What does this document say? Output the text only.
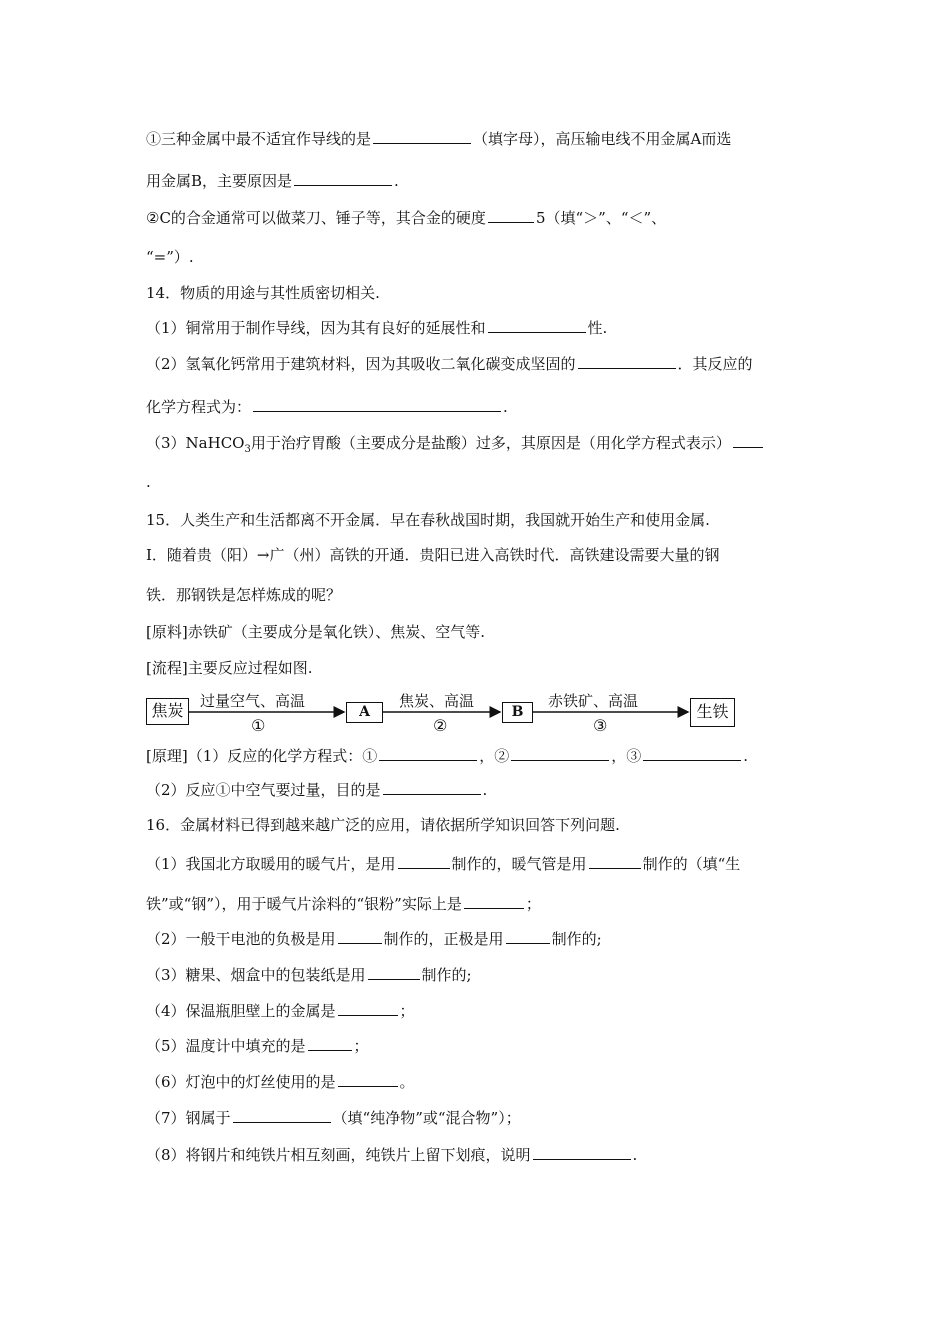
①三种金属中最不适宜作导线的是	（填字母），高压输电线不用金属A而选
用金属B，主要原因是	.
②C的合金通常可以做菜刀、锤子等，其合金的硬度	5（填“＞”、“＜”、
“=”）.
14．物质的用途与其性质密切相关.
（1）铜常用于制作导线，因为其有良好的延展性和	性.
（2）氢氧化钙常用于建筑材料，因为其吸收二氧化碳变成坚固的	．其反应的
化学方程式为：	.
（3）NaHCO$_3$用于治疗胃酸（主要成分是盐酸）过多，其原因是（用化学方程式表示）
.
15．人类生产和生活都离不开金属．早在春秋战国时期，我国就开始生产和使用金属.
Ⅰ．随着贵（阳）→广（州）高铁的开通．贵阳已进入高铁时代．高铁建设需要大量的钢
铁．那钢铁是怎样炼成的呢？
[原料]赤铁矿（主要成分是氧化铁）、焦炭、空气等.
[流程]主要反应过程如图.
焦炭	过量空气、高温
①
A
焦炭、高温
②
B
赤铁矿、高温
③
生铁
[原理]（1）反应的化学方程式：①	，②	，③	.
（2）反应①中空气要过量，目的是	.
16．金属材料已得到越来越广泛的应用，请依据所学知识回答下列问题.
（1）我国北方取暖用的暖气片，是用	制作的，暖气管是用	制作的（填“生
铁”或“钢”），用于暖气片涂料的“银粉”实际上是	；
（2）一般干电池的负极是用	制作的，正极是用	制作的;
（3）糖果、烟盒中的包装纸是用	制作的;
（4）保温瓶胆壁上的金属是	；
（5）温度计中填充的是	；
（6）灯泡中的灯丝使用的是	。
（7）钢属于	（填“纯净物”或“混合物”）；
（8）将钢片和纯铁片相互刻画，纯铁片上留下划痕，说明	.
